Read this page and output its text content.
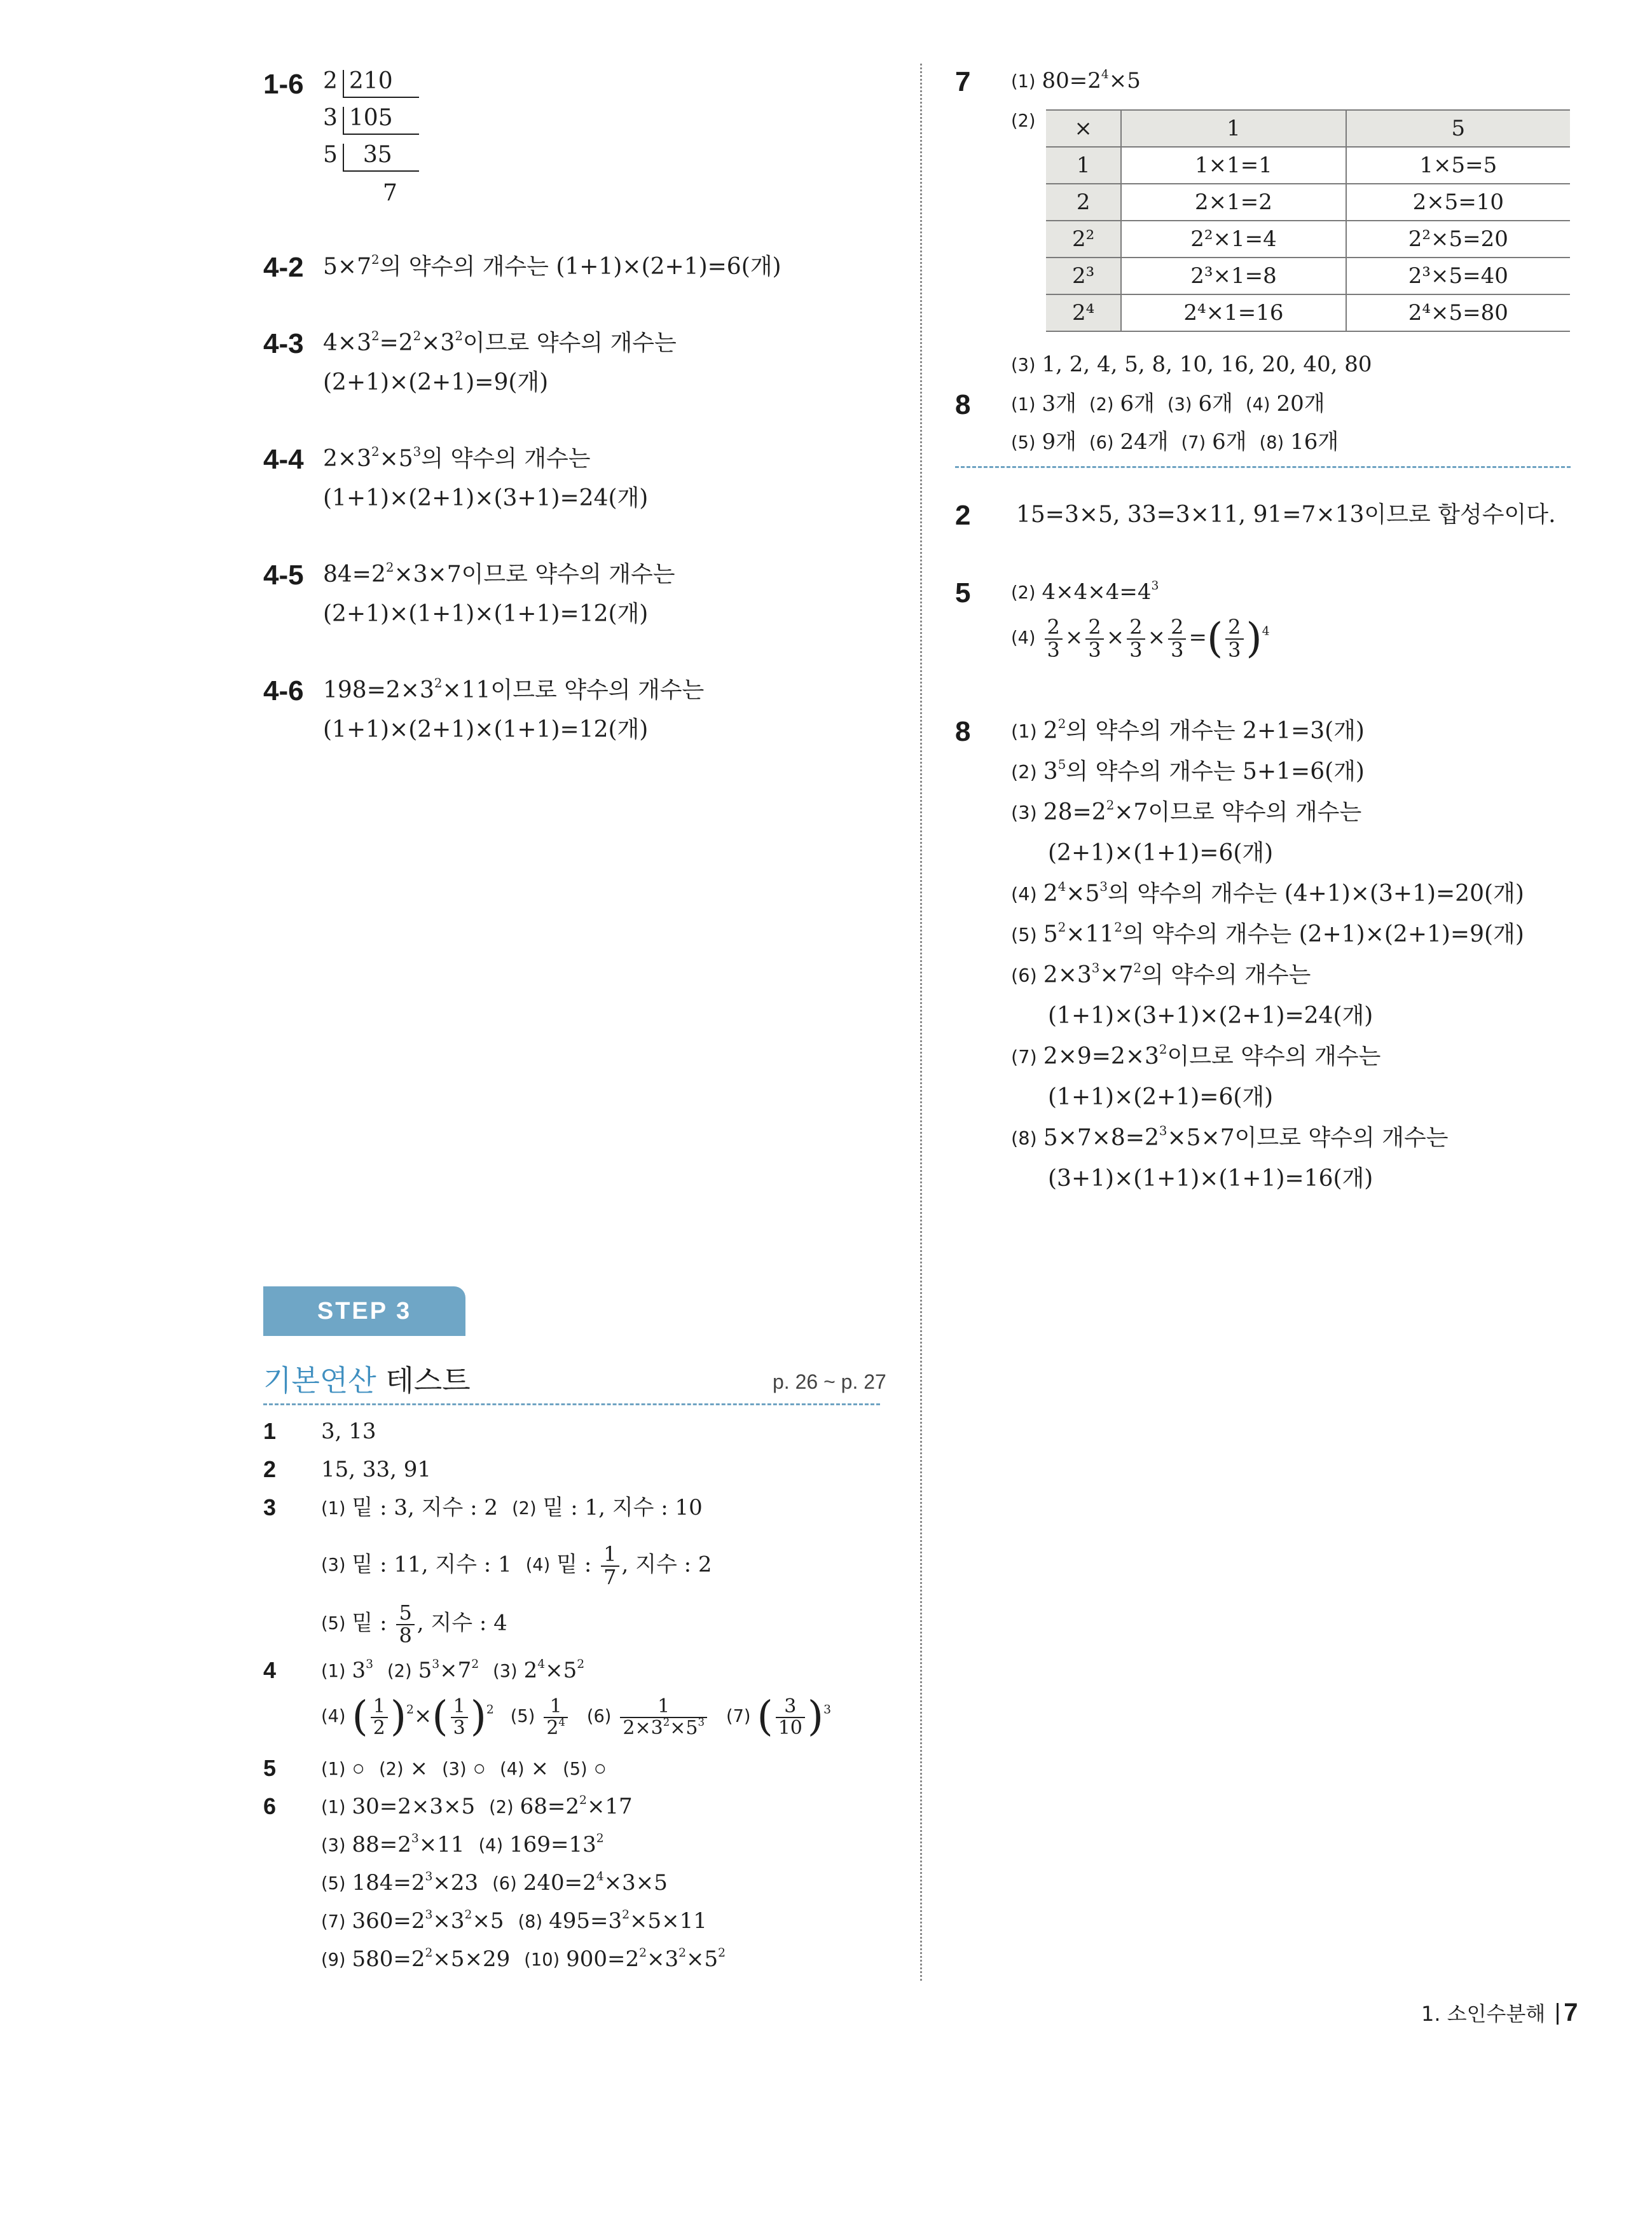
1-6 2 210
3 105
5 35
7
4-2 $5\times 7^2$의 약수의 개수는 (1+1)×(2+1)=6(개)
4-3 $4\times 3^2=2^2\times 3^2$이므로 약수의 개수는
(2+1)×(2+1)=9(개)
4-4 $2\times 3^2\times 5^3$의 약수의 개수는
(1+1)×(2+1)×(3+1)=24(개)
4-5 $84=2^2\times 3\times 7$이므로 약수의 개수는
(2+1)×(1+1)×(1+1)=12(개)
4-6 $198=2\times 3^2\times 11$이므로 약수의 개수는
(1+1)×(2+1)×(1+1)=12(개)
STEP 3
기본연산 테스트	p. 26 ~ p. 27
1 3, 13
2 15, 33, 91
3	(1) 밑 : 3, 지수 : 2 (2) 밑 : 1, 지수 : 10
(3) 밑 : 11, 지수 : 1 (4) 밑 : $\frac{1}{7}$ , 지수 : 2
(5) 밑 : $\frac{5}{8}$ , 지수 : 4
4	(1) $3^3$ (2) $5^3\times 7^2$ (3) $2^4\times 5^2$
(4) ( $\frac{1}{2} )^2\times( \frac{1}{3} )^2$ $(5) \frac{1}{2^4} (6) \frac{1}{2\times 3^2\times 5^3} (7)$ ( $\frac{3}{10} )^3$
5	(1) ○ (2) × (3) ○ (4) × (5) ○
6	(1) 30=2×3×5 (2) $68=2^2\times 17$
(3) $88=2^3\times 11$ (4) $169=13^2$
(5) $184=2^3\times 23$ (6) $240=2^4\times 3\times 5$
(7) $360=2^3\times 3^2\times 5$ (8) $495=3^2\times 5\times 11$
(9) $580=2^2\times 5\times 29$ (10) $900=2^2\times 3^2\times 5^2$
7 (1) $80=2^4\times 5$
(2) ×	1	5
1	1×1=1	1×5=5
2	2×1=2	2×5=10
2²	2²×1=4	2²×5=20
2³	2³×1=8	2³×5=40
2⁴	2⁴×1=16	2⁴×5=80
(3) 1, 2, 4, 5, 8, 10, 16, 20, 40, 80
8 (1) 3개 (2) 6개 (3) 6개 (4) 20개
(5) 9개 (6) 24개 (7) 6개 (8) 16개
2 15=3×5, 33=3×11, 91=7×13이므로 합성수이다.
5 (2) $4\times 4\times 4=4^3$
$(4) \frac{2}{3} \times \frac{2}{3} \times \frac{2}{3} \times \frac{2}{3}$ =( $\frac{2}{3} )^4$
8 (1) $2^2$의 약수의 개수는 2+1=3(개)
(2) $3^5$의 약수의 개수는 5+1=6(개)
(3) $28=2^2\times 7$이므로 약수의 개수는
(2+1)×(1+1)=6(개)
(4) $2^4\times 5^3$의 약수의 개수는 (4+1)×(3+1)=20(개)
(5) $5^2\times 11^2$의 약수의 개수는 (2+1)×(2+1)=9(개)
(6) $2\times 3^3\times 7^2$의 약수의 개수는
(1+1)×(3+1)×(2+1)=24(개)
(7) $2\times 9=2\times 3^2$이므로 약수의 개수는
(1+1)×(2+1)=6(개)
(8) $5\times 7\times 8=2^3\times 5\times 7$이므로 약수의 개수는
(3+1)×(1+1)×(1+1)=16(개)
1. 소인수분해 7
